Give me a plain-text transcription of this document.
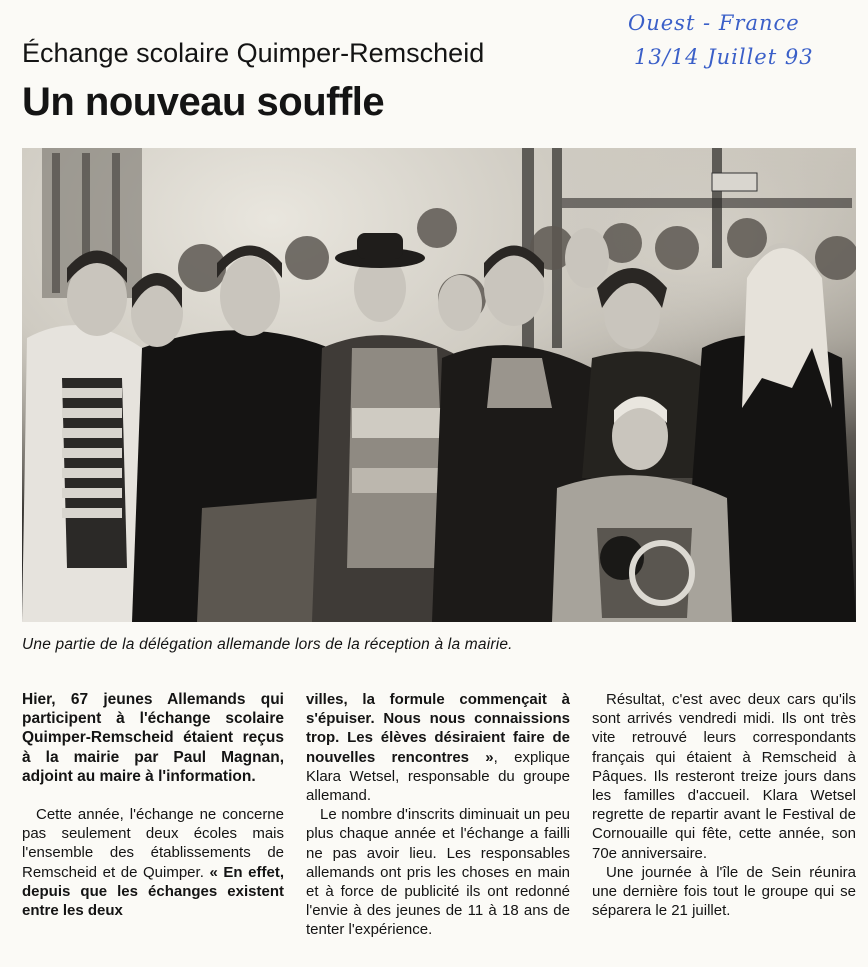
Ouest - France
13/14 Juillet 93
Échange scolaire Quimper-Remscheid
Un nouveau souffle
Une partie de la délégation allemande lors de la réception à la mairie.

Hier, 67 jeunes Allemands qui participent à l'échange scolaire Quimper-Remscheid étaient reçus à la mairie par Paul Magnan, adjoint au maire à l'information.

Cette année, l'échange ne concerne pas seulement deux écoles mais l'ensemble des établissements de Remscheid et de Quimper. « En effet, depuis que les échanges existent entre les deux

villes, la formule commençait à s'épuiser. Nous nous connaissions trop. Les élèves désiraient faire de nouvelles rencontres », explique Klara Wetsel, responsable du groupe allemand.

Le nombre d'inscrits diminuait un peu plus chaque année et l'échange a failli ne pas avoir lieu. Les responsables allemands ont pris les choses en main et à force de publicité ils ont redonné l'envie à des jeunes de 11 à 18 ans de tenter l'expérience.

Résultat, c'est avec deux cars qu'ils sont arrivés vendredi midi. Ils ont très vite retrouvé leurs correspondants français qui étaient à Remscheid à Pâques. Ils resteront treize jours dans les familles d'accueil. Klara Wetsel regrette de repartir avant le Festival de Cornouaille qui fête, cette année, son 70e anniversaire.

Une journée à l'île de Sein réunira une dernière fois tout le groupe qui se séparera le 21 juillet.
